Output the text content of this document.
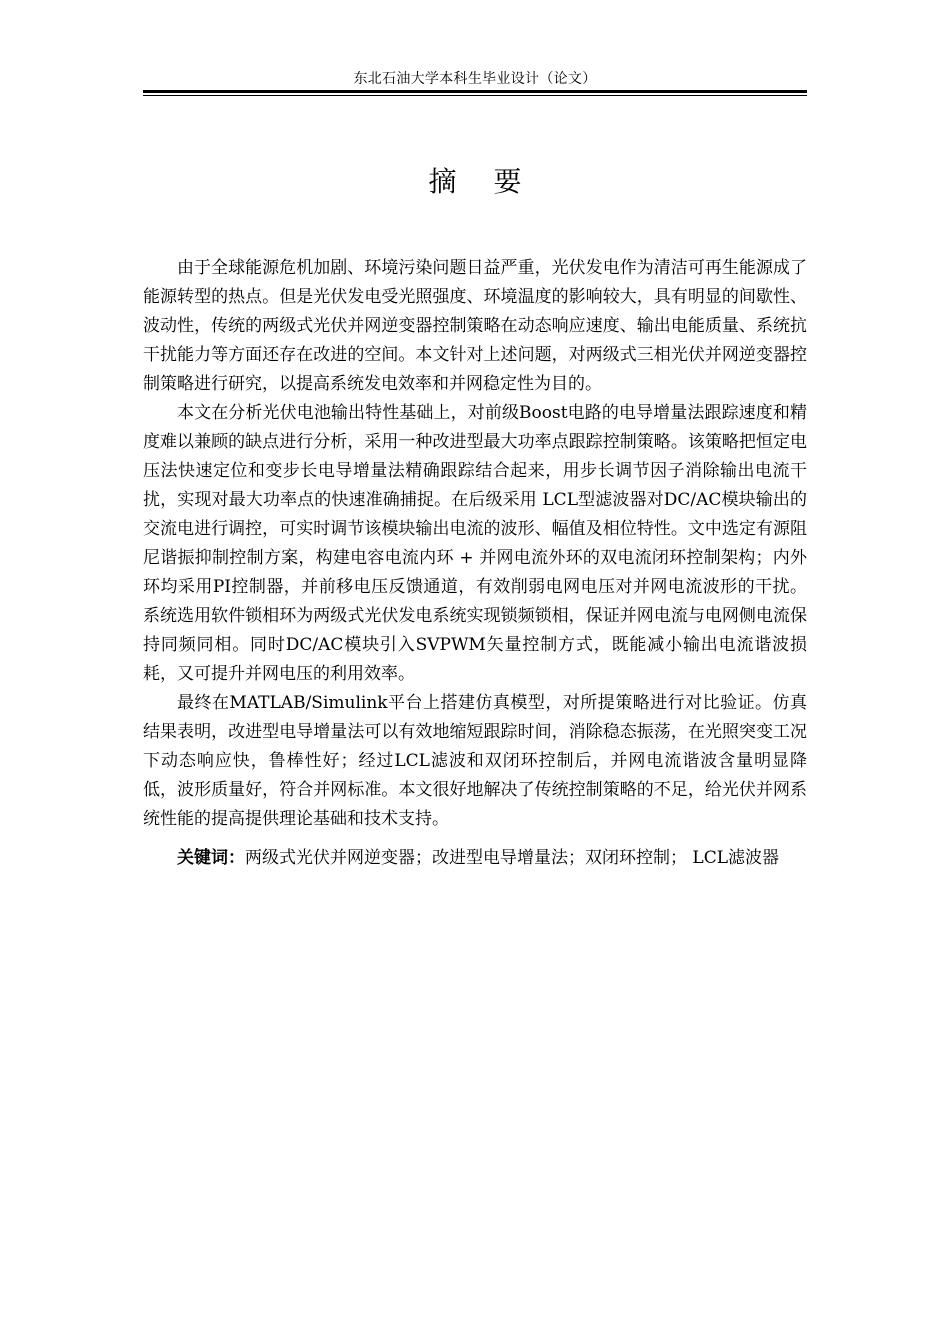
东北石油大学本科生毕业设计（论文）
摘 要

由于全球能源危机加剧、环境污染问题日益严重，光伏发电作为清洁可再生能源成了能源转型的热点。但是光伏发电受光照强度、环境温度的影响较大，具有明显的间歇性、波动性，传统的两级式光伏并网逆变器控制策略在动态响应速度、输出电能质量、系统抗干扰能力等方面还存在改进的空间。本文针对上述问题，对两级式三相光伏并网逆变器控制策略进行研究，以提高系统发电效率和并网稳定性为目的。

本文在分析光伏电池输出特性基础上，对前级Boost电路的电导增量法跟踪速度和精度难以兼顾的缺点进行分析，采用一种改进型最大功率点跟踪控制策略。该策略把恒定电压法快速定位和变步长电导增量法精确跟踪结合起来，用步长调节因子消除输出电流干扰，实现对最大功率点的快速准确捕捉。在后级采用 LCL型滤波器对DC/AC模块输出的交流电进行调控，可实时调节该模块输出电流的波形、幅值及相位特性。文中选定有源阻尼谐振抑制控制方案，构建电容电流内环 + 并网电流外环的双电流闭环控制架构；内外环均采用PI控制器，并前移电压反馈通道，有效削弱电网电压对并网电流波形的干扰。系统选用软件锁相环为两级式光伏发电系统实现锁频锁相，保证并网电流与电网侧电流保持同频同相。同时DC/AC模块引入SVPWM矢量控制方式，既能减小输出电流谐波损耗，又可提升并网电压的利用效率。

最终在MATLAB/Simulink平台上搭建仿真模型，对所提策略进行对比验证。仿真结果表明，改进型电导增量法可以有效地缩短跟踪时间，消除稳态振荡，在光照突变工况下动态响应快，鲁棒性好；经过LCL滤波和双闭环控制后，并网电流谐波含量明显降低，波形质量好，符合并网标准。本文很好地解决了传统控制策略的不足，给光伏并网系统性能的提高提供理论基础和技术支持。

关键词：两级式光伏并网逆变器；改进型电导增量法；双闭环控制； LCL滤波器
